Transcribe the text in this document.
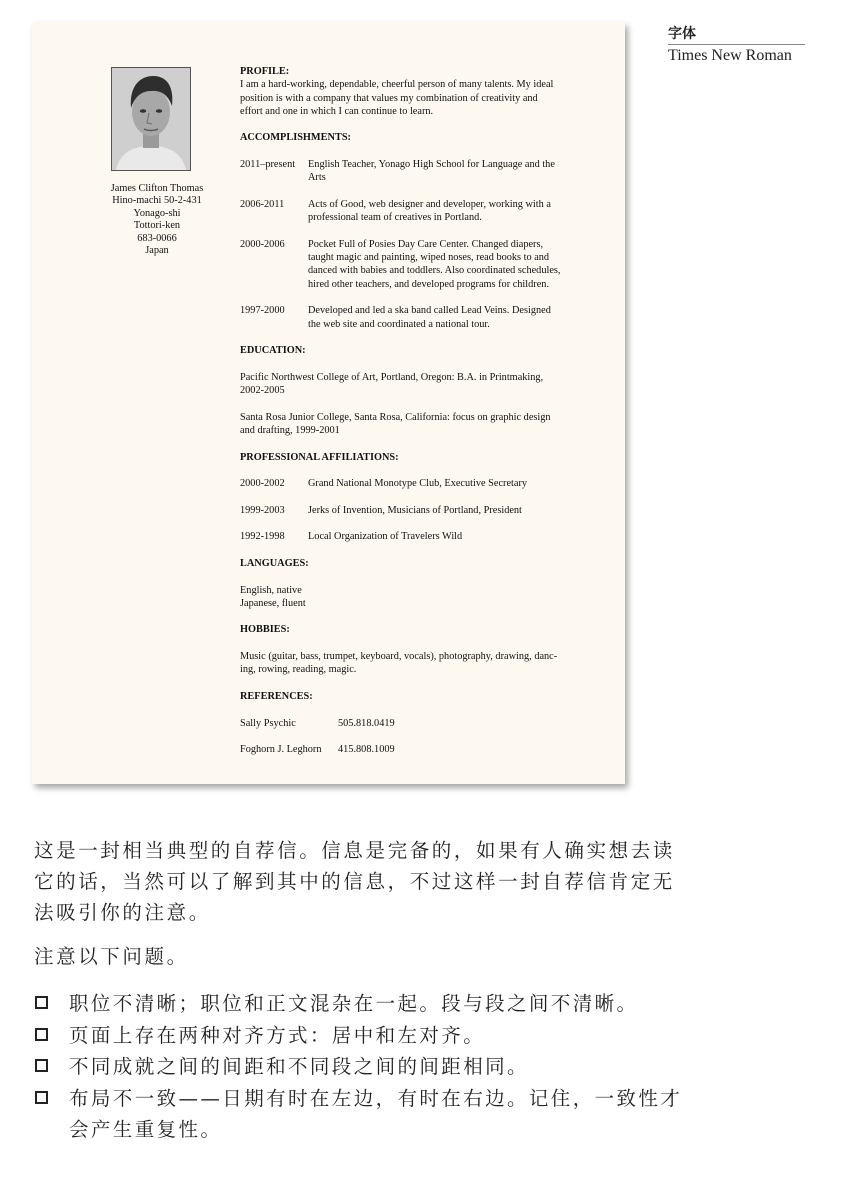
James Clifton Thomas
Hino-machi 50-2-431
Yonago-shi
Tottori-ken
683-0066
Japan
PROFILE:
I am a hard-working, dependable, cheerful person of many talents. My ideal
position is with a company that values my combination of creativity and
effort and one in which I can continue to learn.
ACCOMPLISHMENTS:
2011–present	English Teacher, Yonago High School for Language and the
Arts
2006-2011	Acts of Good, web designer and developer, working with a
professional team of creatives in Portland.
2000-2006	Pocket Full of Posies Day Care Center. Changed diapers,
taught magic and painting, wiped noses, read books to and
danced with babies and toddlers. Also coordinated schedules,
hired other teachers, and developed programs for children.
1997-2000	Developed and led a ska band called Lead Veins. Designed
the web site and coordinated a national tour.
EDUCATION:
Pacific Northwest College of Art, Portland, Oregon: B.A. in Printmaking,
2002-2005
Santa Rosa Junior College, Santa Rosa, California: focus on graphic design
and drafting, 1999-2001
PROFESSIONAL AFFILIATIONS:
2000-2002	Grand National Monotype Club, Executive Secretary
1999-2003	Jerks of Invention, Musicians of Portland, President
1992-1998	Local Organization of Travelers Wild
LANGUAGES:
English, native
Japanese, fluent
HOBBIES:
Music (guitar, bass, trumpet, keyboard, vocals), photography, drawing, danc-
ing, rowing, reading, magic.
REFERENCES:
Sally Psychic	505.818.0419
Foghorn J. Leghorn	415.808.1009
字体
Times New Roman

这是一封相当典型的自荐信。信息是完备的，如果有人确实想去读

它的话，当然可以了解到其中的信息，不过这样一封自荐信肯定无

法吸引你的注意。

注意以下问题。
职位不清晰；职位和正文混杂在一起。段与段之间不清晰。
页面上存在两种对齐方式：居中和左对齐。
不同成就之间的间距和不同段之间的间距相同。
布局不一致——日期有时在左边，有时在右边。记住，一致性才
会产生重复性。
